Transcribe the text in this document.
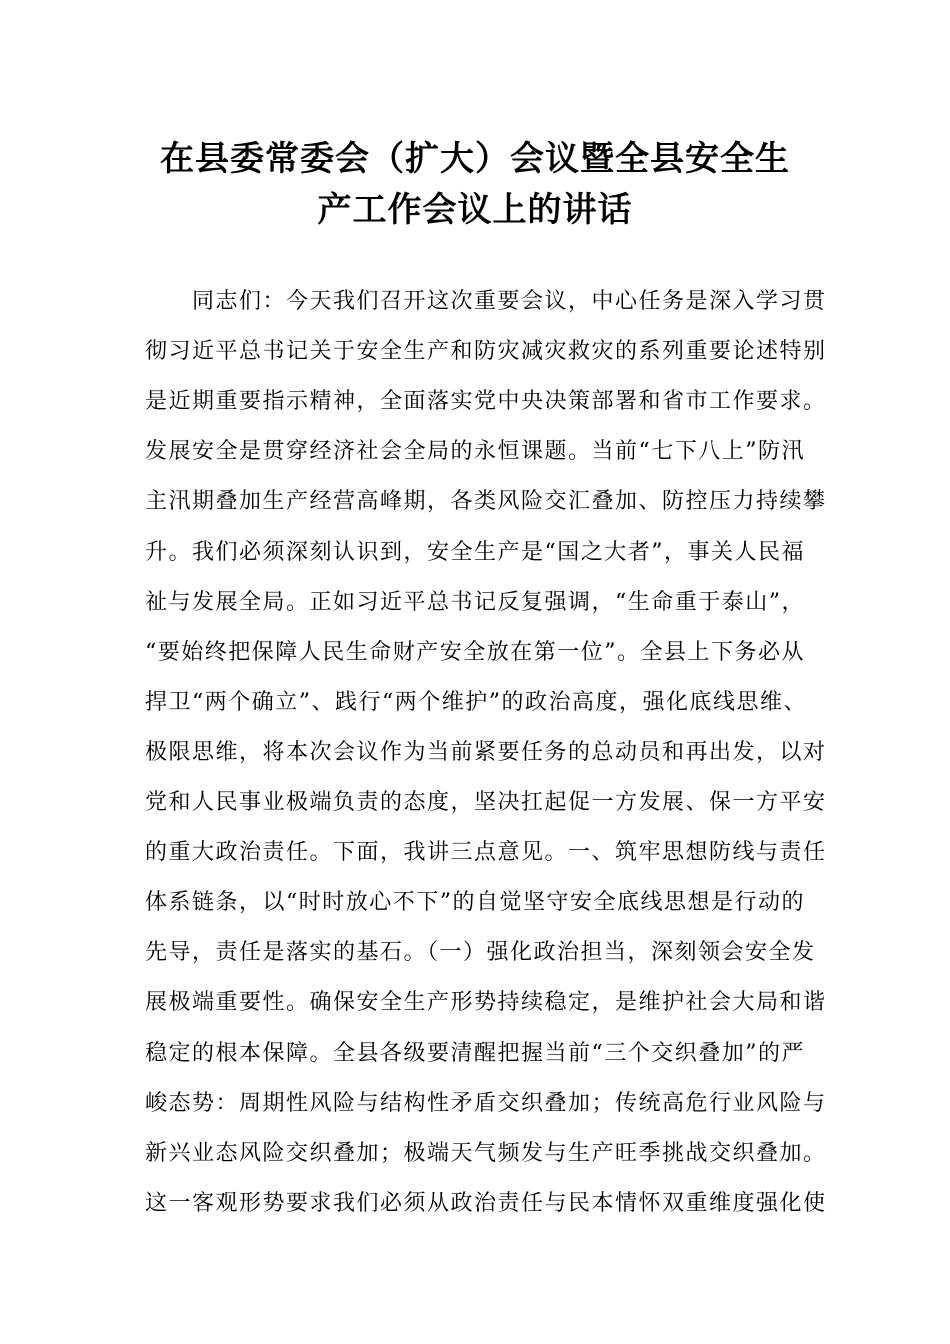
在县委常委会（扩大）会议暨全县安全生
产工作会议上的讲话
　　同志们：今天我们召开这次重要会议，中心任务是深入学习贯
彻习近平总书记关于安全生产和防灾减灾救灾的系列重要论述特别
是近期重要指示精神，全面落实党中央决策部署和省市工作要求。
发展安全是贯穿经济社会全局的永恒课题。当前“七下八上”防汛
主汛期叠加生产经营高峰期，各类风险交汇叠加、防控压力持续攀
升。我们必须深刻认识到，安全生产是“国之大者”，事关人民福
祉与发展全局。正如习近平总书记反复强调，“生命重于泰山”，
“要始终把保障人民生命财产安全放在第一位”。全县上下务必从
捍卫“两个确立”、践行“两个维护”的政治高度，强化底线思维、
极限思维，将本次会议作为当前紧要任务的总动员和再出发，以对
党和人民事业极端负责的态度，坚决扛起促一方发展、保一方平安
的重大政治责任。下面，我讲三点意见。一、筑牢思想防线与责任
体系链条，以“时时放心不下”的自觉坚守安全底线思想是行动的
先导，责任是落实的基石。（一）强化政治担当，深刻领会安全发
展极端重要性。确保安全生产形势持续稳定，是维护社会大局和谐
稳定的根本保障。全县各级要清醒把握当前“三个交织叠加”的严
峻态势：周期性风险与结构性矛盾交织叠加；传统高危行业风险与
新兴业态风险交织叠加；极端天气频发与生产旺季挑战交织叠加。
这一客观形势要求我们必须从政治责任与民本情怀双重维度强化使
